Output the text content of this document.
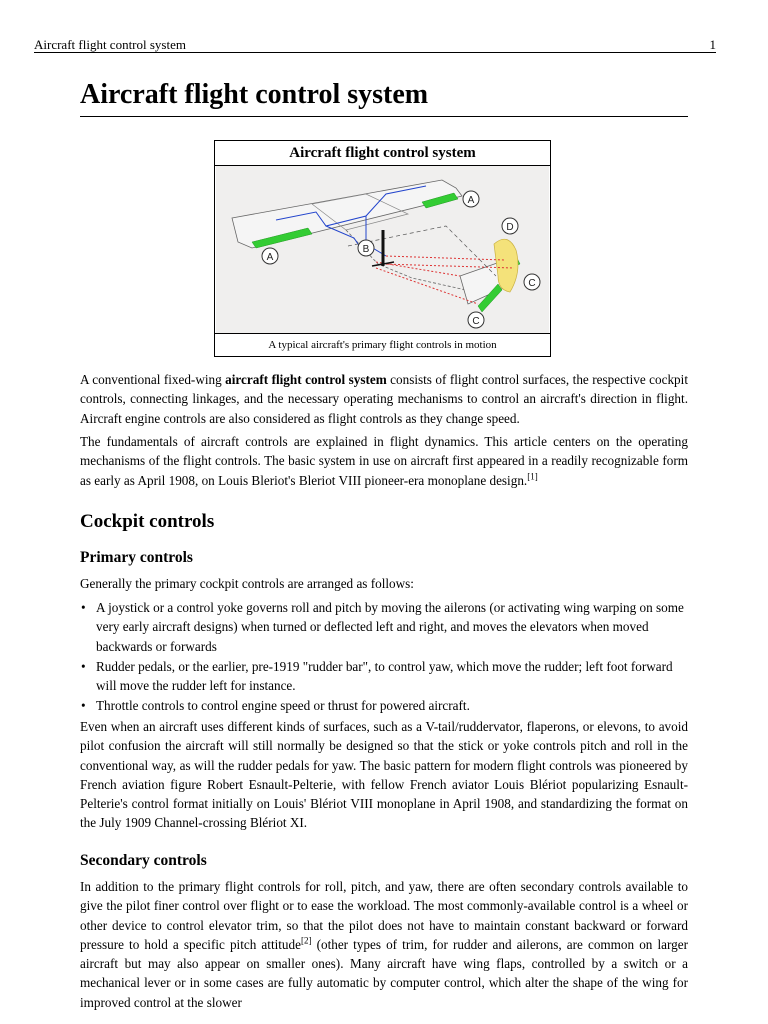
Aircraft flight control system	1
Aircraft flight control system
Aircraft flight control system
A
A
B
D
C
C
A typical aircraft's primary flight controls in motion

A conventional fixed-wing aircraft flight control system consists of flight control surfaces, the respective cockpit controls, connecting linkages, and the necessary operating mechanisms to control an aircraft's direction in flight. Aircraft engine controls are also considered as flight controls as they change speed.

The fundamentals of aircraft controls are explained in flight dynamics. This article centers on the operating mechanisms of the flight controls. The basic system in use on aircraft first appeared in a readily recognizable form as early as April 1908, on Louis Bleriot's Bleriot VIII pioneer-era monoplane design.[1]

Cockpit controls
Primary controls

Generally the primary cockpit controls are arranged as follows:

• A joystick or a control yoke governs roll and pitch by moving the ailerons (or activating wing warping on some very early aircraft designs) when turned or deflected left and right, and moves the elevators when moved backwards or forwards
• Rudder pedals, or the earlier, pre-1919 "rudder bar", to control yaw, which move the rudder; left foot forward will move the rudder left for instance.
• Throttle controls to control engine speed or thrust for powered aircraft.

Even when an aircraft uses different kinds of surfaces, such as a V-tail/ruddervator, flaperons, or elevons, to avoid pilot confusion the aircraft will still normally be designed so that the stick or yoke controls pitch and roll in the conventional way, as will the rudder pedals for yaw. The basic pattern for modern flight controls was pioneered by French aviation figure Robert Esnault-Pelterie, with fellow French aviator Louis Blériot popularizing Esnault-Pelterie's control format initially on Louis' Blériot VIII monoplane in April 1908, and standardizing the format on the July 1909 Channel-crossing Blériot XI.

Secondary controls

In addition to the primary flight controls for roll, pitch, and yaw, there are often secondary controls available to give the pilot finer control over flight or to ease the workload. The most commonly-available control is a wheel or other device to control elevator trim, so that the pilot does not have to maintain constant backward or forward pressure to hold a specific pitch attitude[2] (other types of trim, for rudder and ailerons, are common on larger aircraft but may also appear on smaller ones). Many aircraft have wing flaps, controlled by a switch or a mechanical lever or in some cases are fully automatic by computer control, which alter the shape of the wing for improved control at the slower
